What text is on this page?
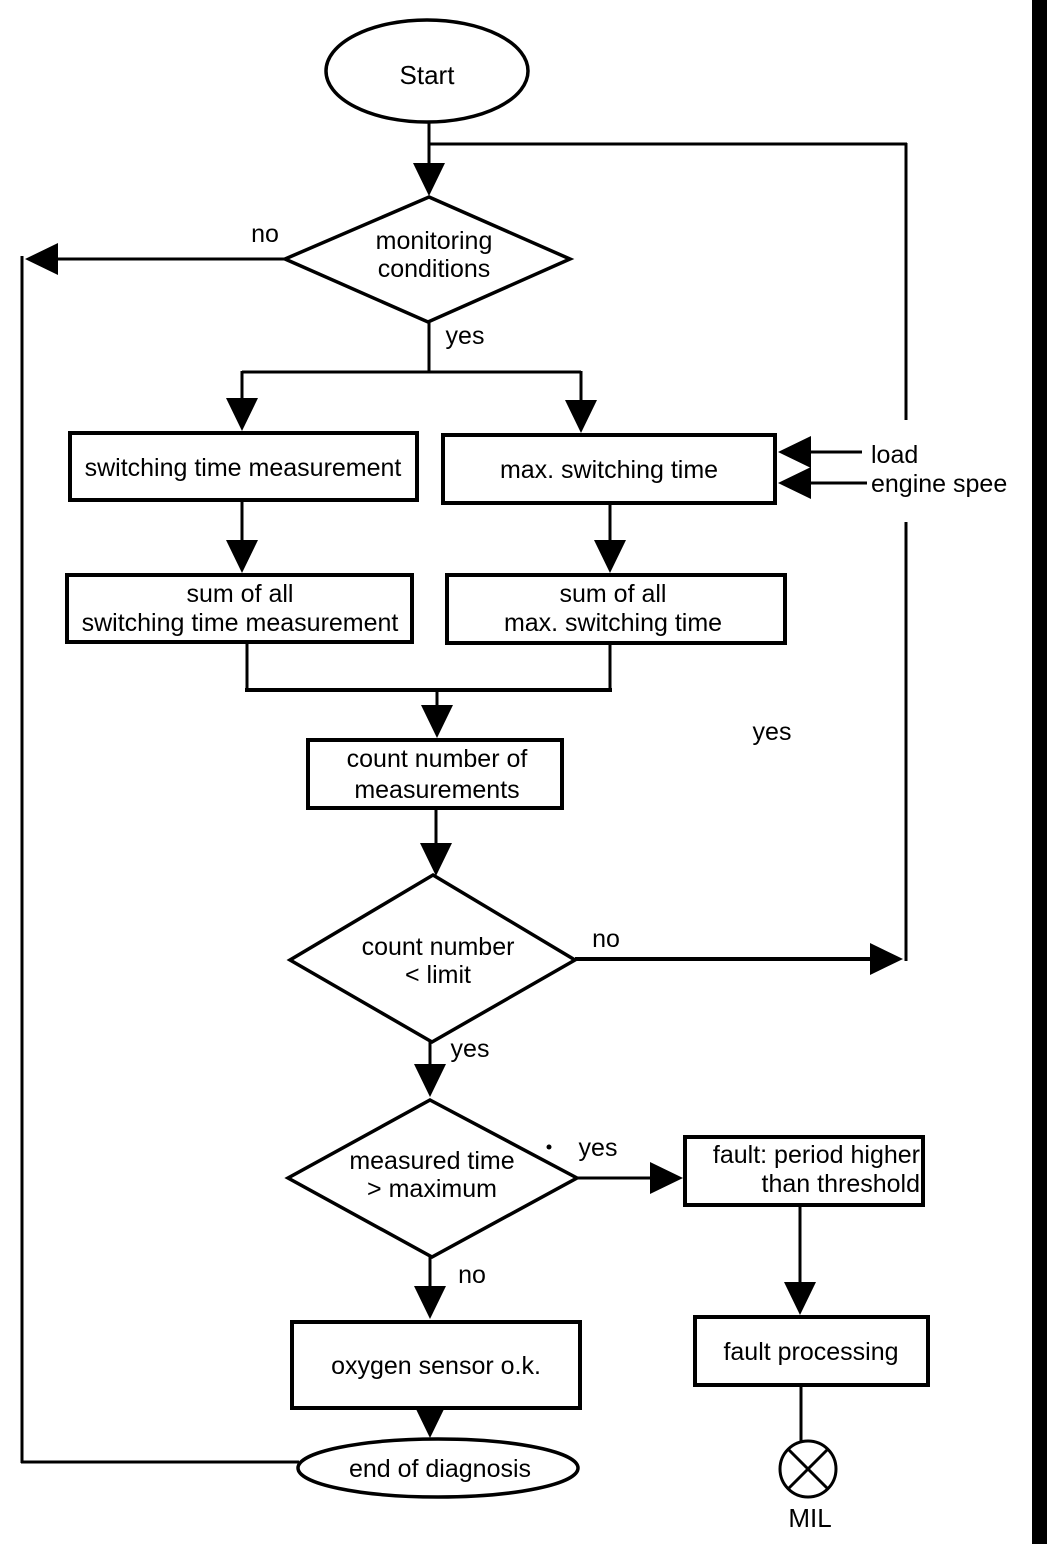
Start
monitoring
conditions
switching time measurement	max. switching time
sum of all
switching time measurement
sum of all
max. switching time
count number of
measurements
count number
< limit
measured time
> maximum
fault: period higher
than threshold
oxygen sensor o.k.	fault processing
end of diagnosis
MIL
no
yes
yes
no
yes
yes
no
load
engine spee
